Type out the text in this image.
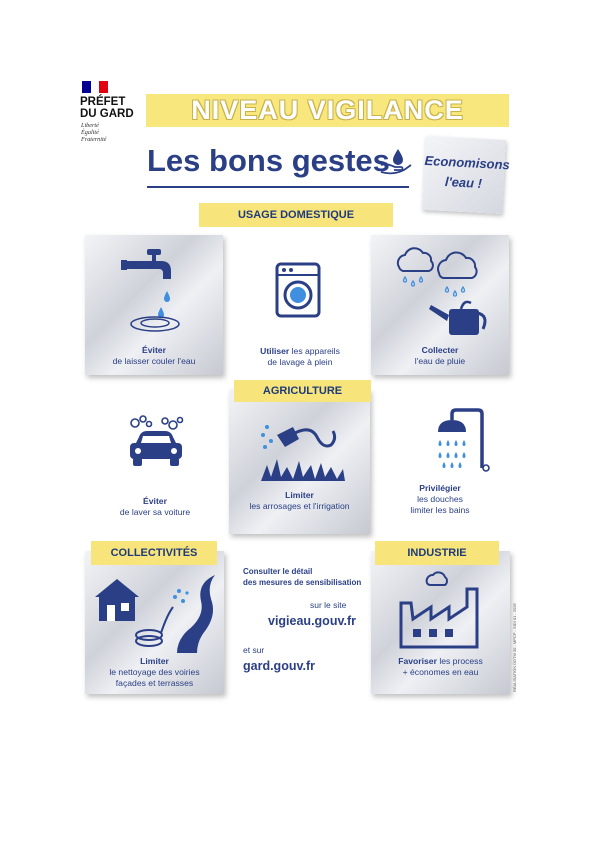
PRÉFET
DU GARD
Liberté
Égalité
Fraternité
NIVEAU VIGILANCE
Les bons gestes	Economisons
l'eau !
USAGE DOMESTIQUE
Éviter
de laisser couler l'eau
Utiliser les appareils
de lavage à plein
Collecter
l'eau de pluie
Limiter
les arrosages et l'irrigation
AGRICULTURE
Éviter
de laver sa voiture
Privilégier
les douches
limiter les bains
Limiter
le nettoyage des voiries
façades et terrasses
COLLECTIVITÉS
Consulter le détail
des mesures de sensibilisation
sur le site
vigieau.gouv.fr
et sur
gard.gouv.fr	Favoriser les process
+ économes en eau
INDUSTRIE
RÉALISATION DDTM 30 - MPCP - SIDI 01 - 2025
